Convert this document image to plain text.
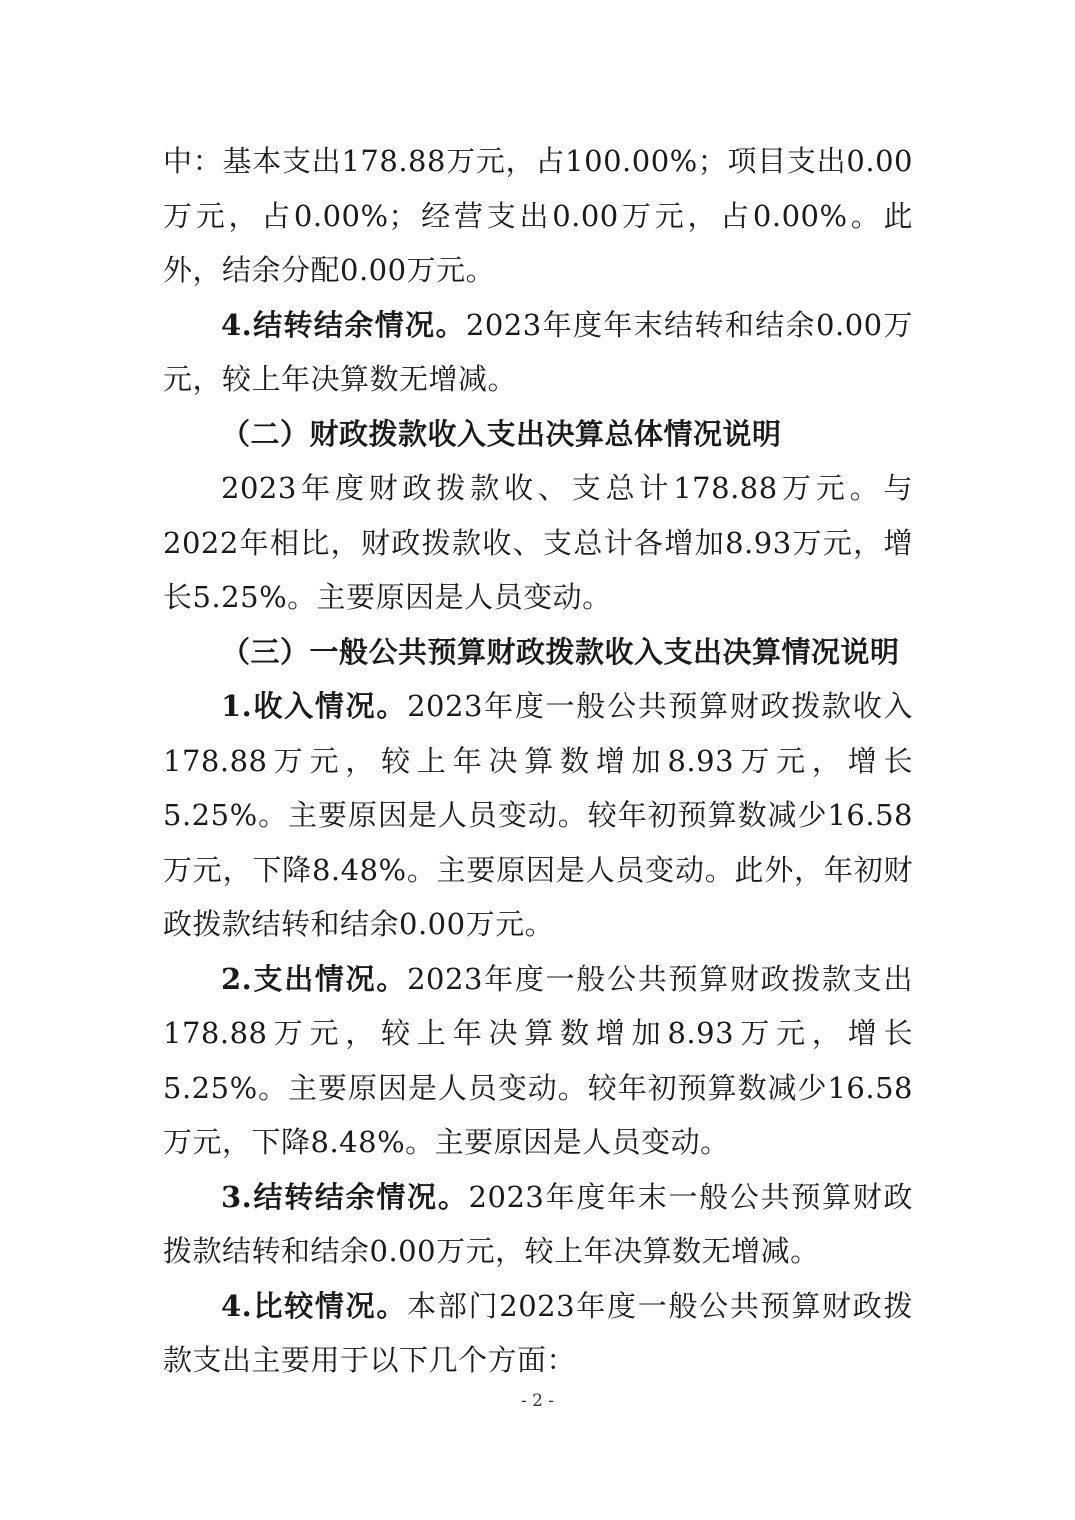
中：基本支出178.88万元，占100.00%；项目支出0.00万元，占0.00%；经营支出0.00万元，占0.00%。此外，结余分配0.00万元。

4.结转结余情况。2023年度年末结转和结余0.00万元，较上年决算数无增减。

（二）财政拨款收入支出决算总体情况说明

2023年度财政拨款收、支总计178.88万元。与2022年相比，财政拨款收、支总计各增加8.93万元，增长5.25%。主要原因是人员变动。

（三）一般公共预算财政拨款收入支出决算情况说明

1.收入情况。2023年度一般公共预算财政拨款收入178.88万元，较上年决算数增加8.93万元，增长5.25%。主要原因是人员变动。较年初预算数减少16.58万元，下降8.48%。主要原因是人员变动。此外，年初财政拨款结转和结余0.00万元。

2.支出情况。2023年度一般公共预算财政拨款支出178.88万元，较上年决算数增加8.93万元，增长5.25%。主要原因是人员变动。较年初预算数减少16.58万元，下降8.48%。主要原因是人员变动。

3.结转结余情况。2023年度年末一般公共预算财政拨款结转和结余0.00万元，较上年决算数无增减。

4.比较情况。本部门2023年度一般公共预算财政拨款支出主要用于以下几个方面：

- 2 -
